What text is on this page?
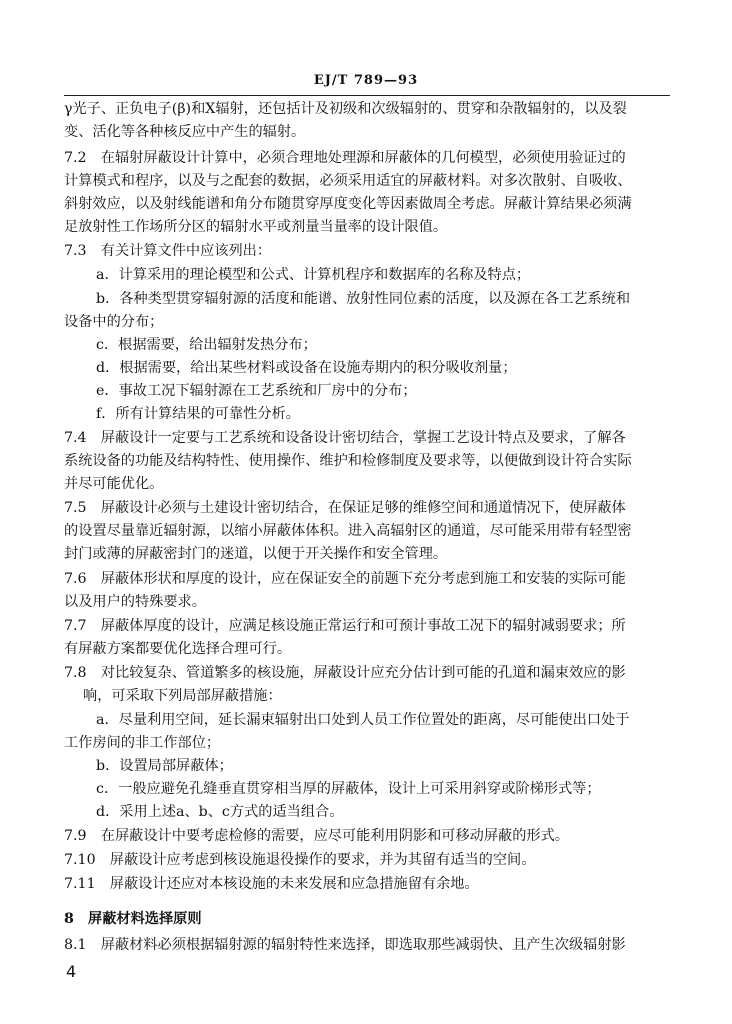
EJ/T 789—93
γ光子、正负电子(β)和X辐射，还包括计及初级和次级辐射的、贯穿和杂散辐射的，以及裂
变、活化等各种核反应中产生的辐射。
7.2　在辐射屏蔽设计计算中，必须合理地处理源和屏蔽体的几何模型，必须使用验证过的
计算模式和程序，以及与之配套的数据，必须采用适宜的屏蔽材料。对多次散射、自吸收、
斜射效应，以及射线能谱和角分布随贯穿厚度变化等因素做周全考虑。屏蔽计算结果必须满
足放射性工作场所分区的辐射水平或剂量当量率的设计限值。
7.3　有关计算文件中应该列出：
a．计算采用的理论模型和公式、计算机程序和数据库的名称及特点；
b．各种类型贯穿辐射源的活度和能谱、放射性同位素的活度，以及源在各工艺系统和
设备中的分布；
c．根据需要，给出辐射发热分布；
d．根据需要，给出某些材料或设备在设施寿期内的积分吸收剂量；
e．事故工况下辐射源在工艺系统和厂房中的分布；
f．所有计算结果的可靠性分析。
7.4　屏蔽设计一定要与工艺系统和设备设计密切结合，掌握工艺设计特点及要求，了解各
系统设备的功能及结构特性、使用操作、维护和检修制度及要求等，以便做到设计符合实际
并尽可能优化。
7.5　屏蔽设计必须与土建设计密切结合，在保证足够的维修空间和通道情况下，使屏蔽体
的设置尽量靠近辐射源，以缩小屏蔽体体积。进入高辐射区的通道，尽可能采用带有轻型密
封门或薄的屏蔽密封门的迷道，以便于开关操作和安全管理。
7.6　屏蔽体形状和厚度的设计，应在保证安全的前题下充分考虑到施工和安装的实际可能
以及用户的特殊要求。
7.7　屏蔽体厚度的设计，应满足核设施正常运行和可预计事故工况下的辐射减弱要求；所
有屏蔽方案都要优化选择合理可行。
7.8　对比较复杂、管道繁多的核设施，屏蔽设计应充分估计到可能的孔道和漏束效应的影
响，可采取下列局部屏蔽措施：
a．尽量利用空间，延长漏束辐射出口处到人员工作位置处的距离，尽可能使出口处于
工作房间的非工作部位；
b．设置局部屏蔽体；
c．一般应避免孔缝垂直贯穿相当厚的屏蔽体，设计上可采用斜穿或阶梯形式等；
d．采用上述a、b、c方式的适当组合。
7.9　在屏蔽设计中要考虑检修的需要，应尽可能利用阴影和可移动屏蔽的形式。
7.10　屏蔽设计应考虑到核设施退役操作的要求，并为其留有适当的空间。
7.11　屏蔽设计还应对本核设施的未来发展和应急措施留有余地。
8　屏蔽材料选择原则
8.1　屏蔽材料必须根据辐射源的辐射特性来选择，即选取那些减弱快、且产生次级辐射影
4
